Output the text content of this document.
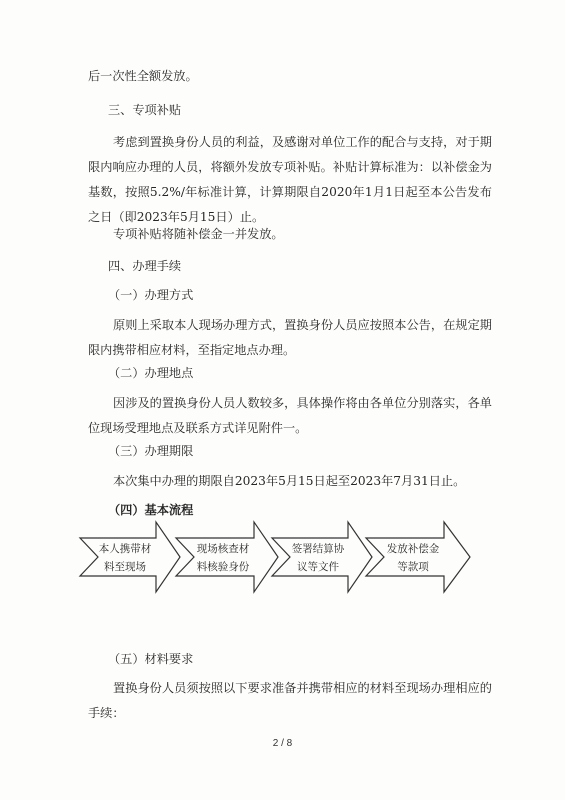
后一次性全额发放。

三、专项补贴

考虑到置换身份人员的利益，及感谢对单位工作的配合与支持，对于期限内响应办理的人员，将额外发放专项补贴。补贴计算标准为：以补偿金为基数，按照5.2%/年标准计算，计算期限自2020年1月1日起至本公告发布之日（即2023年5月15日）止。

专项补贴将随补偿金一并发放。

四、办理手续

（一）办理方式

原则上采取本人现场办理方式，置换身份人员应按照本公告，在规定期限内携带相应材料，至指定地点办理。

（二）办理地点

因涉及的置换身份人员人数较多，具体操作将由各单位分别落实，各单位现场受理地点及联系方式详见附件一。

（三）办理期限

本次集中办理的期限自2023年5月15日起至2023年7月31日止。

（四）基本流程

本人携带材料至现场
现场核查材料核验身份
签署结算协议等文件
发放补偿金等款项

（五）材料要求

置换身份人员须按照以下要求准备并携带相应的材料至现场办理相应的手续：

2 / 8
